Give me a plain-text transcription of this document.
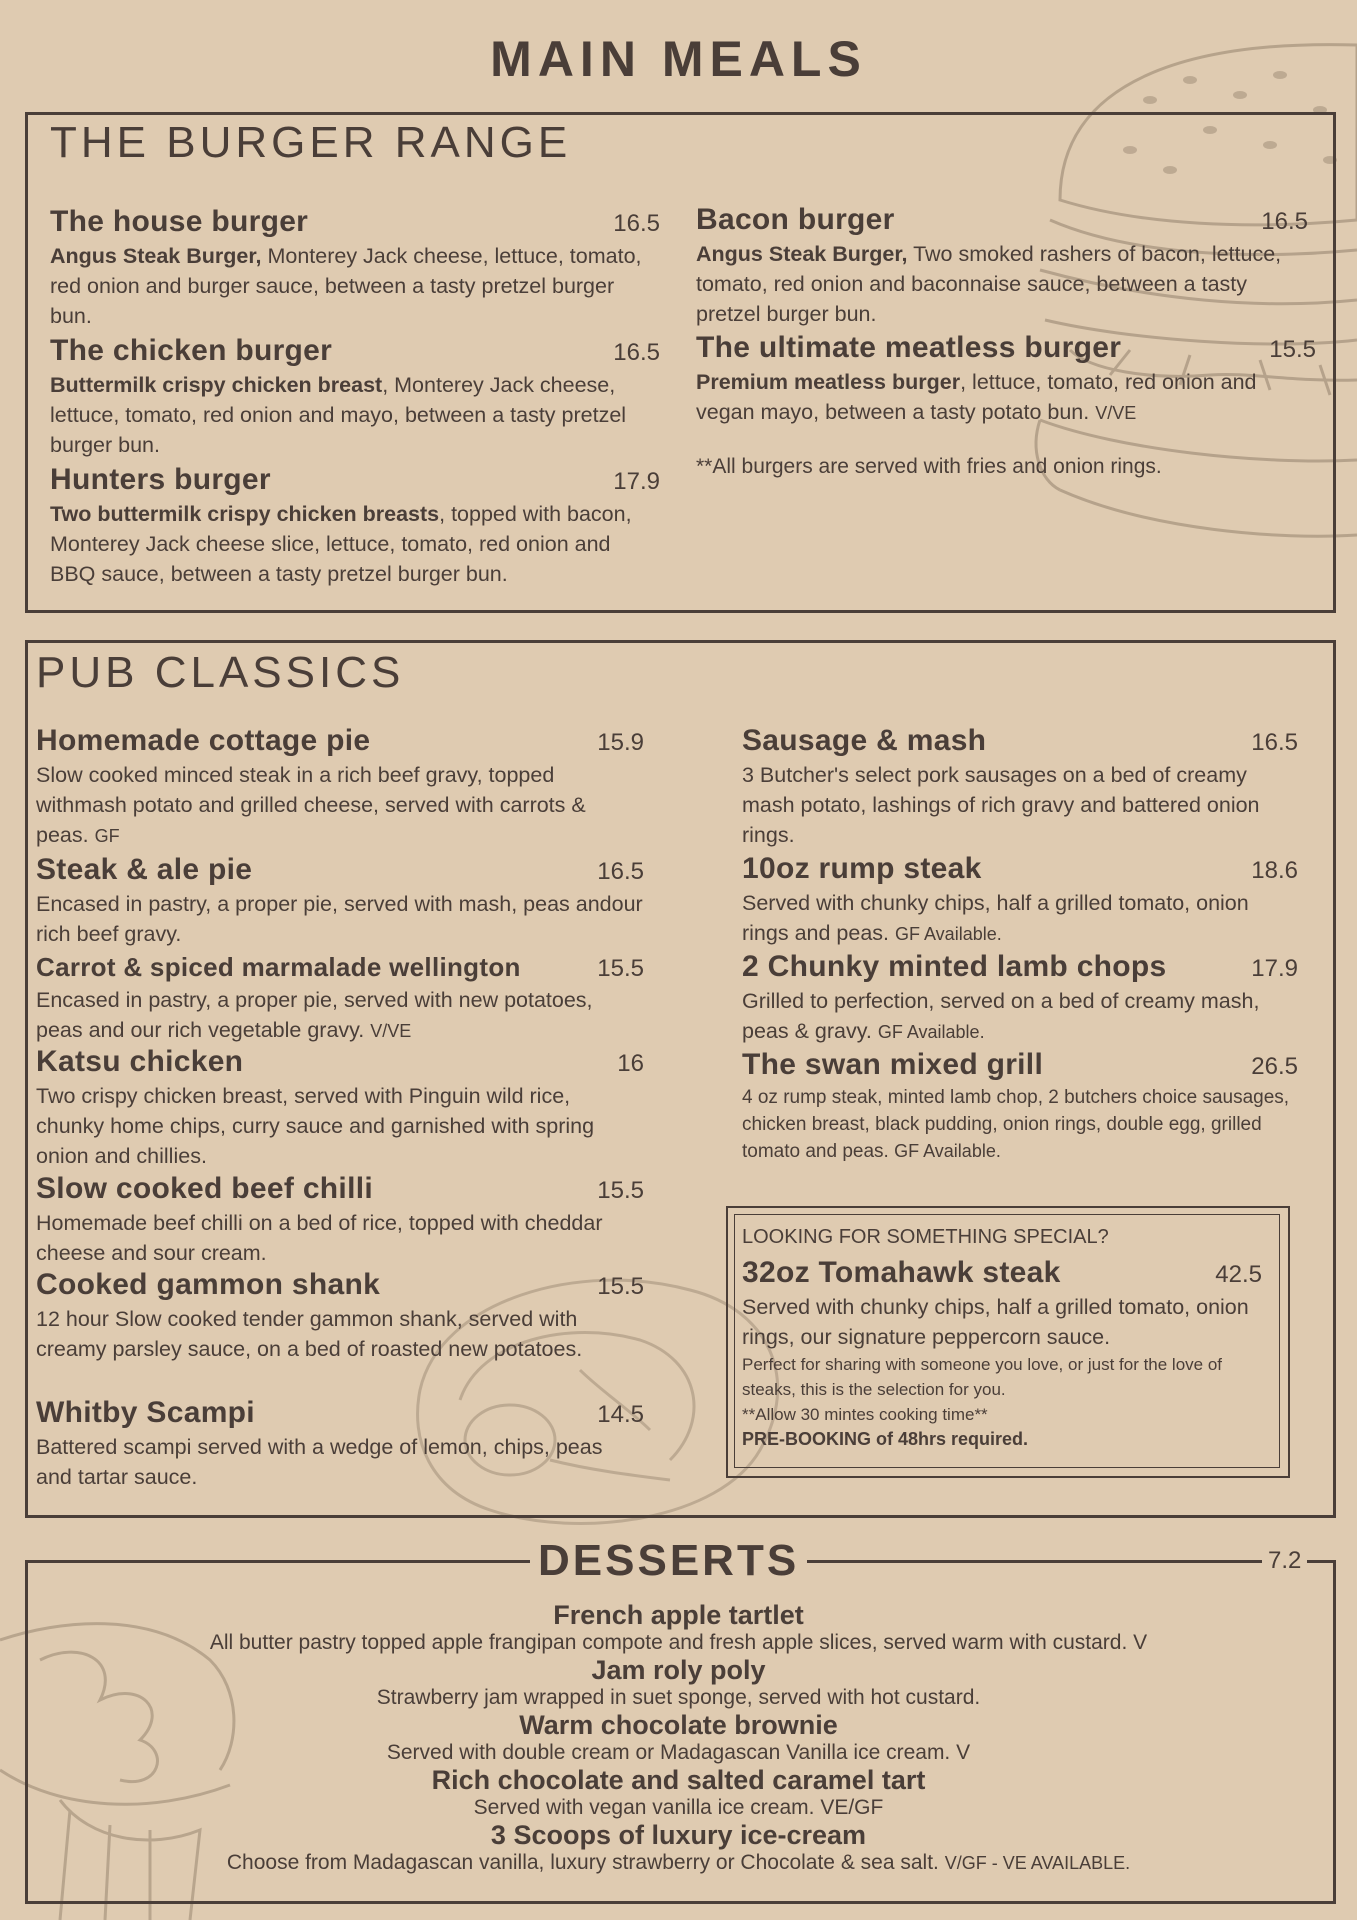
MAIN MEALS
THE BURGER RANGE
The house burger	16.5
Angus Steak Burger, Monterey Jack cheese, lettuce, tomato, red onion and burger sauce, between a tasty pretzel burger bun.
The chicken burger	16.5
Buttermilk crispy chicken breast, Monterey Jack cheese, lettuce, tomato, red onion and mayo, between a tasty pretzel burger bun.
Hunters burger	17.9
Two buttermilk crispy chicken breasts, topped with bacon, Monterey Jack cheese slice, lettuce, tomato, red onion and BBQ sauce, between a tasty pretzel burger bun.
Bacon burger	16.5
Angus Steak Burger, Two smoked rashers of bacon, lettuce, tomato, red onion and baconnaise sauce, between a tasty pretzel burger bun.
The ultimate meatless burger	15.5
Premium meatless burger, lettuce, tomato, red onion and vegan mayo, between a tasty potato bun. V/VE
**All burgers are served with fries and onion rings.
PUB CLASSICS
Homemade cottage pie	15.9
Slow cooked minced steak in a rich beef gravy, topped withmash potato and grilled cheese, served with carrots & peas. GF
Steak & ale pie	16.5
Encased in pastry, a proper pie, served with mash, peas andour rich beef gravy.
Carrot & spiced marmalade wellington	15.5
Encased in pastry, a proper pie, served with new potatoes, peas and our rich vegetable gravy. V/VE
Katsu chicken	16
Two crispy chicken breast, served with Pinguin wild rice, chunky home chips, curry sauce and garnished with spring onion and chillies.
Slow cooked beef chilli	15.5
Homemade beef chilli on a bed of rice, topped with cheddar cheese and sour cream.
Cooked gammon shank	15.5
12 hour Slow cooked tender gammon shank, served with creamy parsley sauce, on a bed of roasted new potatoes.
Whitby Scampi	14.5
Battered scampi served with a wedge of lemon, chips, peas and tartar sauce.
Sausage & mash	16.5
3 Butcher's select pork sausages on a bed of creamy mash potato, lashings of rich gravy and battered onion rings.
10oz rump steak	18.6
Served with chunky chips, half a grilled tomato, onion rings and peas. GF Available.
2 Chunky minted lamb chops	17.9
Grilled to perfection, served on a bed of creamy mash, peas & gravy. GF Available.
The swan mixed grill	26.5
4 oz rump steak, minted lamb chop, 2 butchers choice sausages, chicken breast, black pudding, onion rings, double egg, grilled tomato and peas. GF Available.
LOOKING FOR SOMETHING SPECIAL?
32oz Tomahawk steak	42.5
Served with chunky chips, half a grilled tomato, onion rings, our signature peppercorn sauce.
Perfect for sharing with someone you love, or just for the love of steaks, this is the selection for you.
**Allow 30 mintes cooking time**
PRE-BOOKING of 48hrs required.
DESSERTS	7.2
French apple tartlet
All butter pastry topped apple frangipan compote and fresh apple slices, served warm with custard. V
Jam roly poly
Strawberry jam wrapped in suet sponge, served with hot custard.
Warm chocolate brownie
Served with double cream or Madagascan Vanilla ice cream. V
Rich chocolate and salted caramel tart
Served with vegan vanilla ice cream. VE/GF
3 Scoops of luxury ice-cream
Choose from Madagascan vanilla, luxury strawberry or Chocolate & sea salt. V/GF - VE AVAILABLE.
